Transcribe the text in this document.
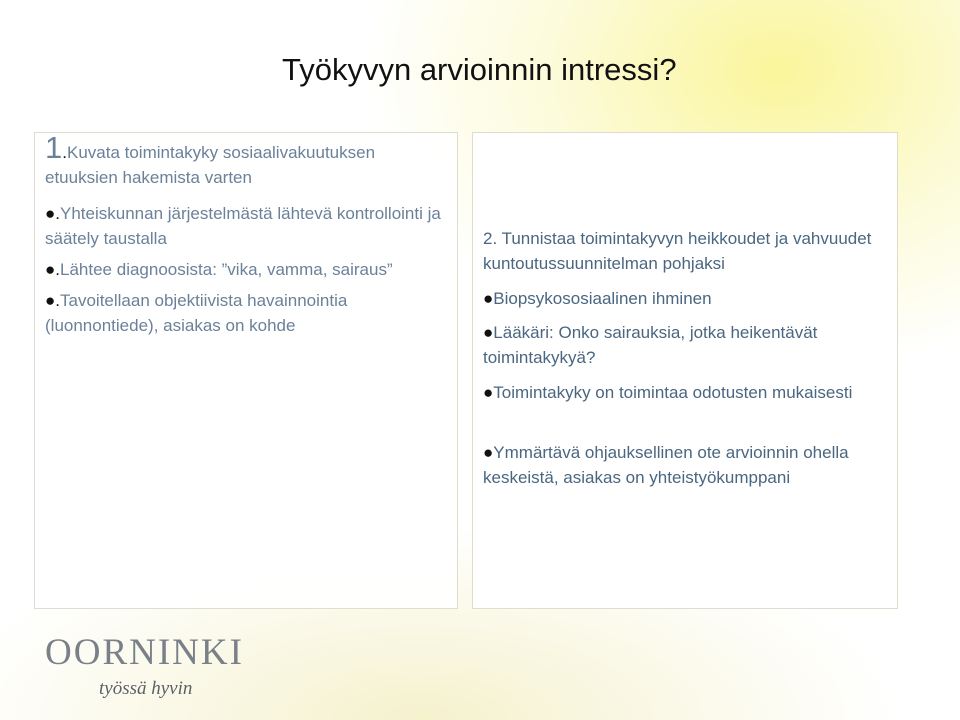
Työkyvyn arvioinnin intressi?
1.Kuvata toimintakyky sosiaalivakuutuksen etuuksien hakemista varten
●.Yhteiskunnan järjestelmästä lähtevä kontrollointi ja säätely taustalla
●.Lähtee diagnoosista: ”vika, vamma, sairaus”
●.Tavoitellaan objektiivista havainnointia (luonnontiede), asiakas on kohde
2. Tunnistaa toimintakyvyn heikkoudet ja vahvuudet kuntoutussuunnitelman pohjaksi
●Biopsykososiaalinen ihminen
●Lääkäri: Onko sairauksia, jotka heikentävät toimintakykyä?
●Toimintakyky on toimintaa odotusten mukaisesti
●Ymmärtävä ohjauksellinen ote arvioinnin ohella keskeistä, asiakas on yhteistyökumppani
OORNINKI
työssä hyvin
